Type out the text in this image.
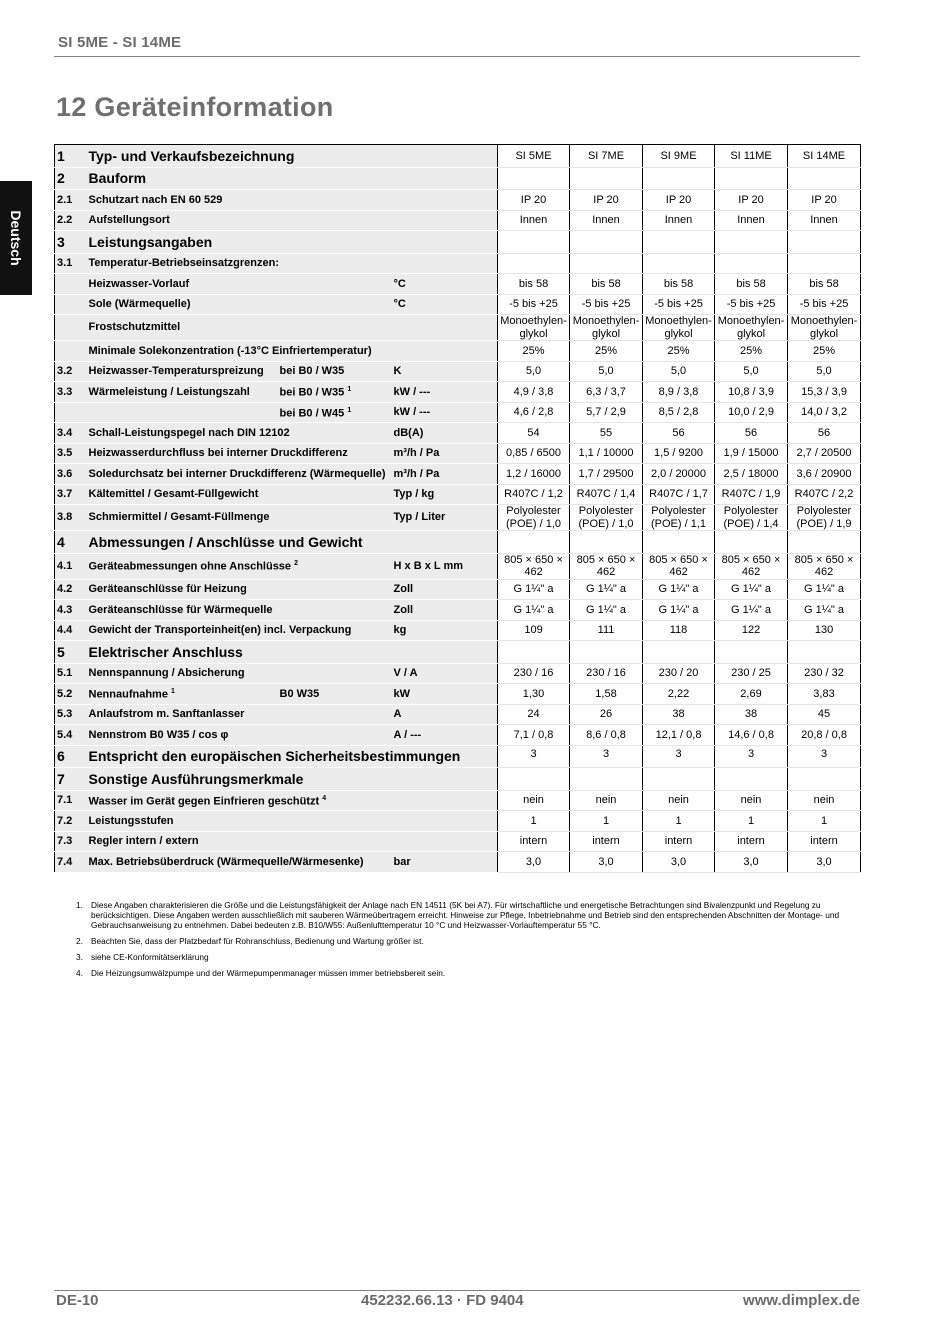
SI 5ME - SI 14ME
12 Geräteinformation
Deutsch
1	Typ- und Verkaufsbezeichnung			SI 5ME	SI 7ME	SI 9ME	SI 11ME	SI 14ME
2	Bauform							
2.1	Schutzart nach EN 60 529			IP 20	IP 20	IP 20	IP 20	IP 20
2.2	Aufstellungsort			Innen	Innen	Innen	Innen	Innen
3	Leistungsangaben							
3.1	Temperatur-Betriebseinsatzgrenzen:							
	Heizwasser-Vorlauf		°C	bis 58	bis 58	bis 58	bis 58	bis 58
	Sole (Wärmequelle)		°C	-5 bis +25	-5 bis +25	-5 bis +25	-5 bis +25	-5 bis +25
	Frostschutzmittel			Monoethylen-glykol	Monoethylen-glykol	Monoethylen-glykol	Monoethylen-glykol	Monoethylen-glykol
	Minimale Solekonzentration (-13°C Einfriertemperatur)			25%	25%	25%	25%	25%
3.2	Heizwasser-Temperaturspreizung	bei B0 / W35	K	5,0	5,0	5,0	5,0	5,0
3.3	Wärmeleistung / Leistungszahl	bei B0 / W35 $^1$	kW / ---	4,9 / 3,8	6,3 / 3,7	8,9 / 3,8	10,8 / 3,9	15,3 / 3,9
		bei B0 / W45 $^1$	kW / ---	4,6 / 2,8	5,7 / 2,9	8,5 / 2,8	10,0 / 2,9	14,0 / 3,2
3.4	Schall-Leistungspegel nach DIN 12102		dB(A)	54	55	56	56	56
3.5	Heizwasserdurchfluss bei interner Druckdifferenz		m³/h / Pa	0,85 / 6500	1,1 / 10000	1,5 / 9200	1,9 / 15000	2,7 / 20500
3.6	Soledurchsatz bei interner Druckdifferenz (Wärmequelle)		m³/h / Pa	1,2 / 16000	1,7 / 29500	2,0 / 20000	2,5 / 18000	3,6 / 20900
3.7	Kältemittel / Gesamt-Füllgewicht		Typ / kg	R407C / 1,2	R407C / 1,4	R407C / 1,7	R407C / 1,9	R407C / 2,2
3.8	Schmiermittel / Gesamt-Füllmenge		Typ / Liter	Polyolester (POE) / 1,0	Polyolester (POE) / 1,0	Polyolester (POE) / 1,1	Polyolester (POE) / 1,4	Polyolester (POE) / 1,9
4	Abmessungen / Anschlüsse und Gewicht							
4.1	Geräteabmessungen ohne Anschlüsse $^2$		H x B x L mm	805 × 650 × 462	805 × 650 × 462	805 × 650 × 462	805 × 650 × 462	805 × 650 × 462
4.2	Geräteanschlüsse für Heizung		Zoll	G 1¼" a	G 1¼" a	G 1¼" a	G 1¼" a	G 1¼" a
4.3	Geräteanschlüsse für Wärmequelle		Zoll	G 1¼" a	G 1¼" a	G 1¼" a	G 1¼" a	G 1¼" a
4.4	Gewicht der Transporteinheit(en) incl. Verpackung		kg	109	111	118	122	130
5	Elektrischer Anschluss							
5.1	Nennspannung / Absicherung		V / A	230 / 16	230 / 16	230 / 20	230 / 25	230 / 32
5.2	Nennaufnahme $^1$	B0 W35	kW	1,30	1,58	2,22	2,69	3,83
5.3	Anlaufstrom m. Sanftanlasser		A	24	26	38	38	45
5.4	Nennstrom B0 W35 / cos φ		A / ---	7,1 / 0,8	8,6 / 0,8	12,1 / 0,8	14,6 / 0,8	20,8 / 0,8
6	Entspricht den europäischen Sicherheitsbestimmungen			3	3	3	3	3
7	Sonstige Ausführungsmerkmale							
7.1	Wasser im Gerät gegen Einfrieren geschützt $^4$			nein	nein	nein	nein	nein
7.2	Leistungsstufen			1	1	1	1	1
7.3	Regler intern / extern			intern	intern	intern	intern	intern
7.4	Max. Betriebsüberdruck (Wärmequelle/Wärmesenke)		bar	3,0	3,0	3,0	3,0	3,0
1. Diese Angaben charakterisieren die Größe und die Leistungsfähigkeit der Anlage nach EN 14511 (5K bei A7). Für wirtschaftliche und energetische Betrachtungen sind Bivalenzpunkt und Regelung zu berücksichtigen. Diese Angaben werden ausschließlich mit sauberen Wärmeübertragern erreicht. Hinweise zur Pflege, Inbetriebnahme und Betrieb sind den entsprechenden Abschnitten der Montage- und Gebrauchsanweisung zu entnehmen. Dabei bedeuten z.B. B10/W55: Außenlufttemperatur 10 °C und Heizwasser-Vorlauftemperatur 55 °C.
2. Beachten Sie, dass der Platzbedarf für Rohranschluss, Bedienung und Wartung größer ist.
3. siehe CE-Konformitätserklärung
4. Die Heizungsumwälzpumpe und der Wärmepumpenmanager müssen immer betriebsbereit sein.
DE-10	452232.66.13 · FD 9404	www.dimplex.de
